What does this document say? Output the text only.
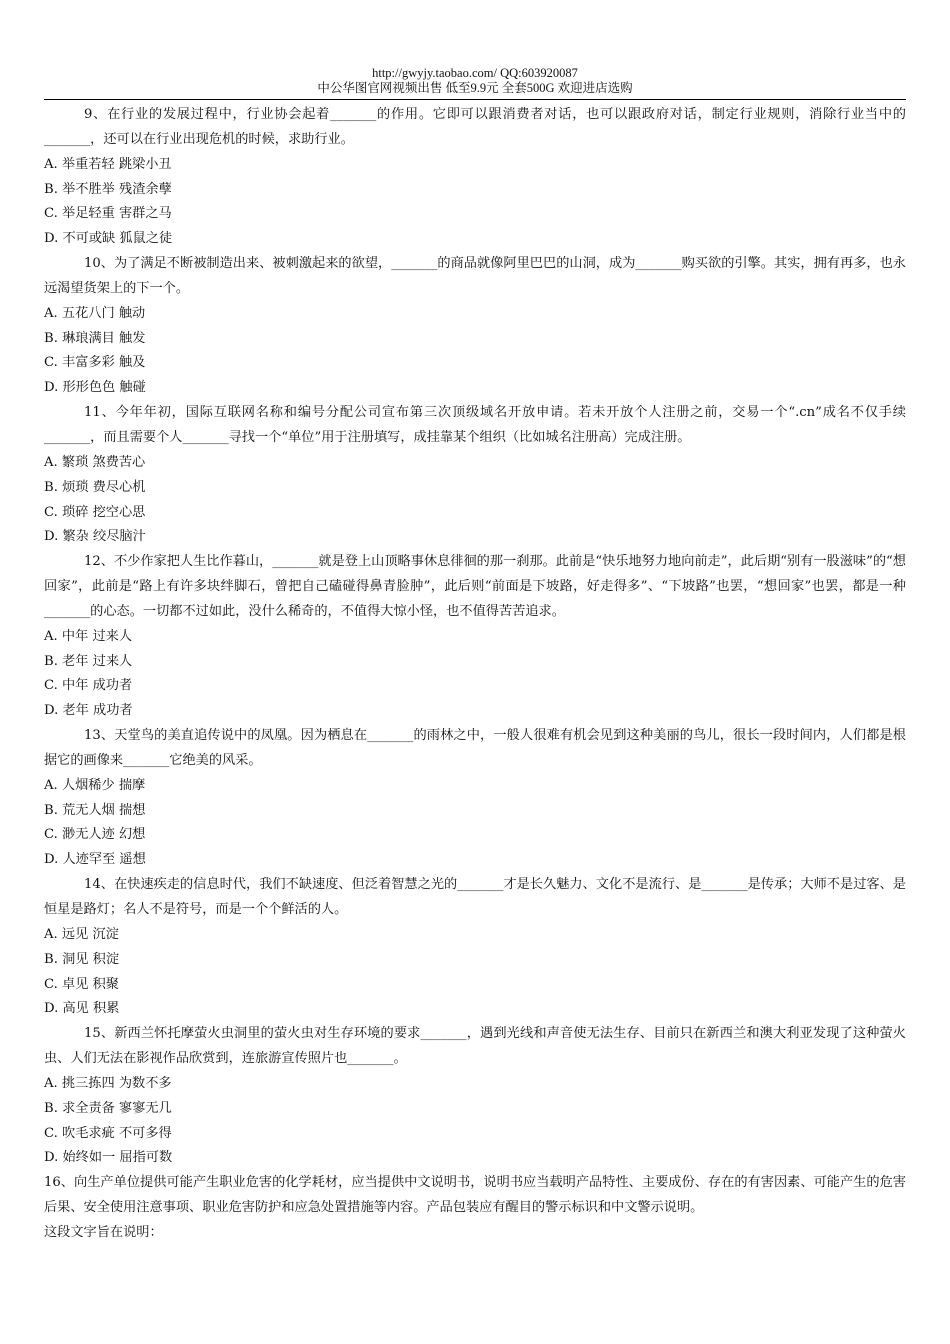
http://gwyjy.taobao.com/ QQ:603920087
中公华图官网视频出售 低至9.9元 全套500G 欢迎进店选购

9、在行业的发展过程中，行业协会起着_______的作用。它即可以跟消费者对话，也可以跟政府对话，制定行业规则，消除行业当中的_______，还可以在行业出现危机的时候，求助行业。

A. 举重若轻 跳梁小丑

B. 举不胜举 残渣余孽

C. 举足轻重 害群之马

D. 不可或缺 狐鼠之徒

10、为了满足不断被制造出来、被刺激起来的欲望，_______的商品就像阿里巴巴的山洞，成为_______购买欲的引擎。其实，拥有再多，也永远渴望货架上的下一个。

A. 五花八门 触动

B. 琳琅满目 触发

C. 丰富多彩 触及

D. 形形色色 触碰

11、今年年初，国际互联网名称和编号分配公司宣布第三次顶级域名开放申请。若未开放个人注册之前，交易一个“.cn”成名不仅手续_______，而且需要个人_______寻找一个“单位”用于注册填写，成挂靠某个组织（比如城名注册高）完成注册。

A. 繁琐 煞费苦心

B. 烦琐 费尽心机

C. 琐碎 挖空心思

D. 繁杂 绞尽脑汁

12、不少作家把人生比作暮山，_______就是登上山顶略事休息徘徊的那一刹那。此前是“快乐地努力地向前走”，此后期“别有一股滋味”的“想回家”，此前是“路上有许多块绊脚石，曾把自己磕碰得鼻青脸肿”，此后则“前面是下坡路，好走得多”、“下坡路”也罢，“想回家”也罢，都是一种_______的心态。一切都不过如此，没什么稀奇的，不值得大惊小怪，也不值得苦苦追求。

A. 中年 过来人

B. 老年 过来人

C. 中年 成功者

D. 老年 成功者

13、天堂鸟的美直追传说中的凤凰。因为栖息在_______的雨林之中，一般人很难有机会见到这种美丽的鸟儿，很长一段时间内，人们都是根据它的画像来_______它绝美的风采。

A. 人烟稀少 揣摩

B. 荒无人烟 揣想

C. 渺无人迹 幻想

D. 人迹罕至 遥想

14、在快速疾走的信息时代，我们不缺速度、但泛着智慧之光的_______才是长久魅力、文化不是流行、是_______是传承；大师不是过客、是恒星是路灯；名人不是符号，而是一个个鲜活的人。

A. 远见 沉淀

B. 洞见 积淀

C. 卓见 积聚

D. 高见 积累

15、新西兰怀托摩萤火虫洞里的萤火虫对生存环境的要求_______，遇到光线和声音使无法生存、目前只在新西兰和澳大利亚发现了这种萤火虫、人们无法在影视作品欣赏到，连旅游宣传照片也_______。

A. 挑三拣四 为数不多

B. 求全责备 寥寥无几

C. 吹毛求疵 不可多得

D. 始终如一 屈指可数

16、向生产单位提供可能产生职业危害的化学耗材，应当提供中文说明书，说明书应当载明产品特性、主要成份、存在的有害因素、可能产生的危害后果、安全使用注意事项、职业危害防护和应急处置措施等内容。产品包装应有醒目的警示标识和中文警示说明。

这段文字旨在说明：
